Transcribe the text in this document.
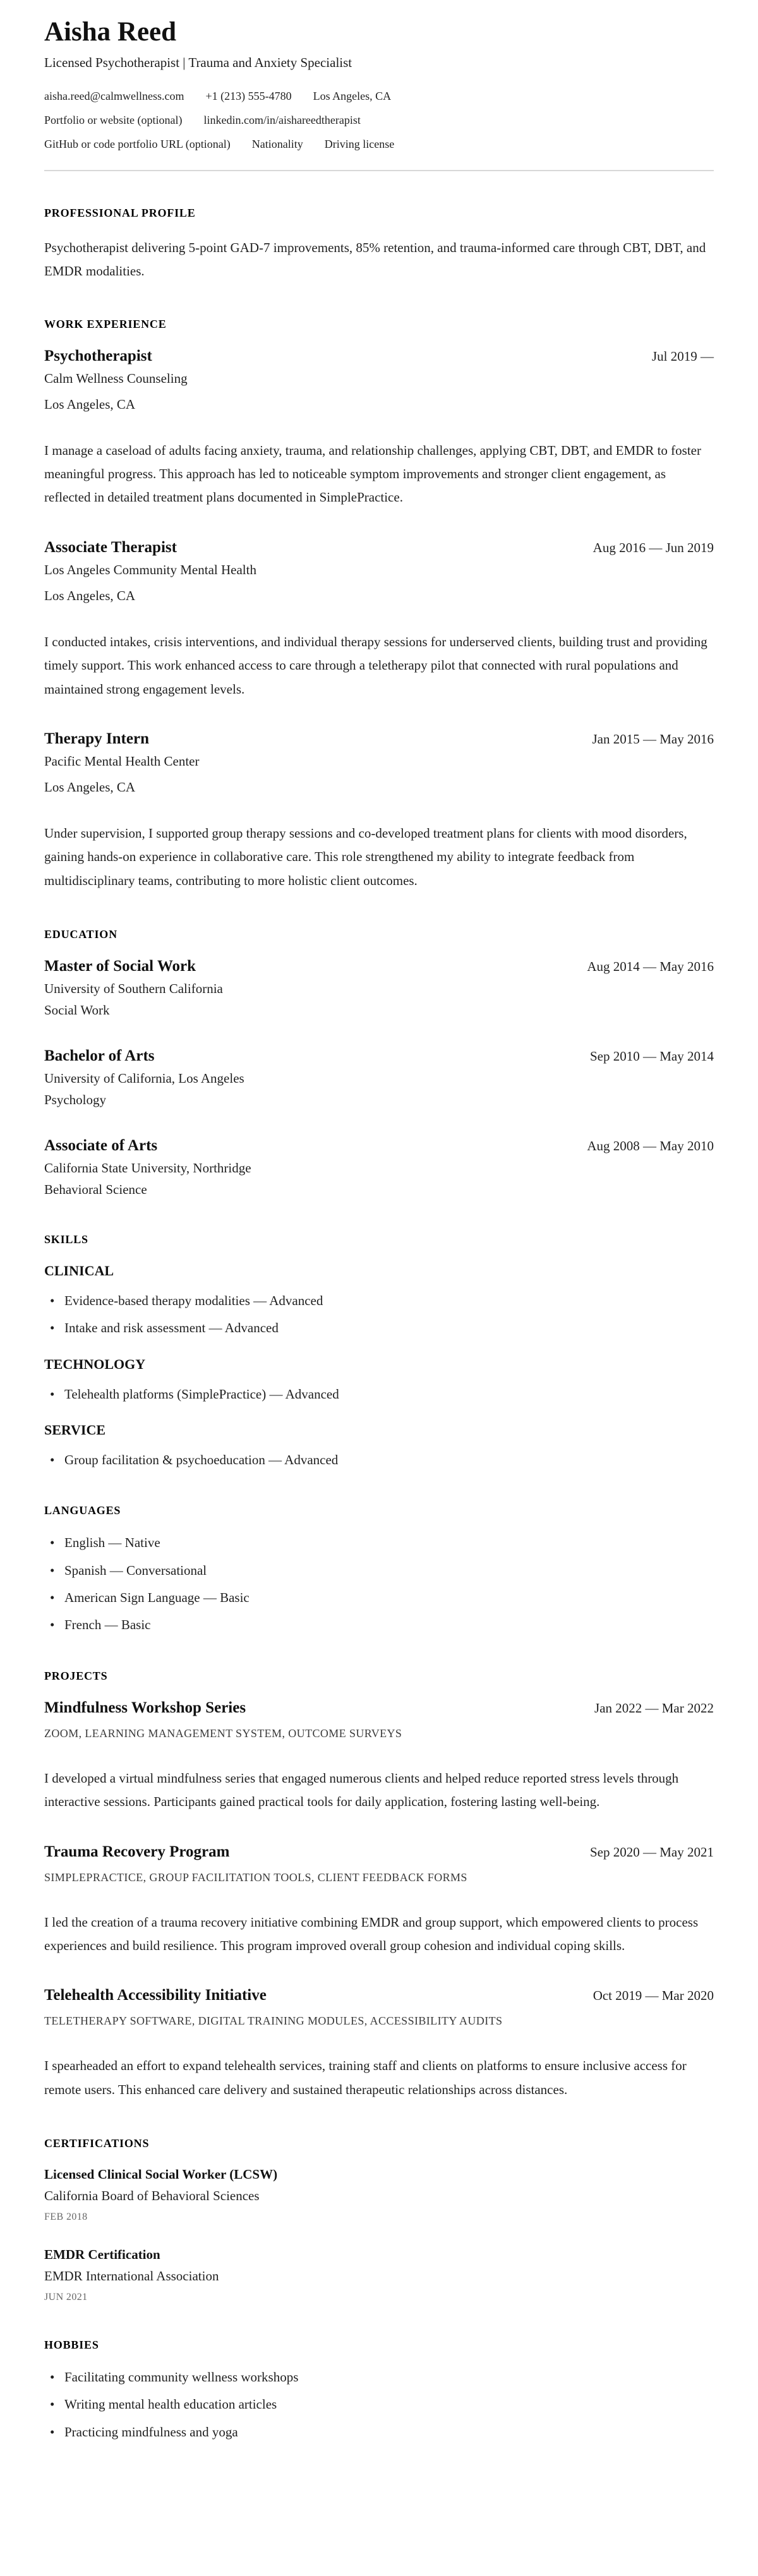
Aisha Reed

Licensed Psychotherapist | Trauma and Anxiety Specialist

aisha.reed@calmwellness.com +1 (213) 555-4780 Los Angeles, CA
Portfolio or website (optional) linkedin.com/in/aishareedtherapist
GitHub or code portfolio URL (optional) Nationality Driving license
PROFESSIONAL PROFILE

Psychotherapist delivering 5-point GAD-7 improvements, 85% retention, and trauma-informed care through CBT, DBT, and EMDR modalities.

WORK EXPERIENCE
Psychotherapist	Jul 2019 —
Calm Wellness Counseling
Los Angeles, CA

I manage a caseload of adults facing anxiety, trauma, and relationship challenges, applying CBT, DBT, and EMDR to foster meaningful progress. This approach has led to noticeable symptom improvements and stronger client engagement, as reflected in detailed treatment plans documented in SimplePractice.

Associate Therapist	Aug 2016 — Jun 2019
Los Angeles Community Mental Health
Los Angeles, CA

I conducted intakes, crisis interventions, and individual therapy sessions for underserved clients, building trust and providing timely support. This work enhanced access to care through a teletherapy pilot that connected with rural populations and maintained strong engagement levels.

Therapy Intern	Jan 2015 — May 2016
Pacific Mental Health Center
Los Angeles, CA

Under supervision, I supported group therapy sessions and co-developed treatment plans for clients with mood disorders, gaining hands-on experience in collaborative care. This role strengthened my ability to integrate feedback from multidisciplinary teams, contributing to more holistic client outcomes.

EDUCATION
Master of Social Work	Aug 2014 — May 2016
University of Southern California
Social Work
Bachelor of Arts	Sep 2010 — May 2014
University of California, Los Angeles
Psychology
Associate of Arts	Aug 2008 — May 2010
California State University, Northridge
Behavioral Science
SKILLS
CLINICAL
• Evidence-based therapy modalities — Advanced
• Intake and risk assessment — Advanced
TECHNOLOGY
• Telehealth platforms (SimplePractice) — Advanced
SERVICE
• Group facilitation & psychoeducation — Advanced
LANGUAGES
• English — Native
• Spanish — Conversational
• American Sign Language — Basic
• French — Basic
PROJECTS
Mindfulness Workshop Series	Jan 2022 — Mar 2022
ZOOM, LEARNING MANAGEMENT SYSTEM, OUTCOME SURVEYS

I developed a virtual mindfulness series that engaged numerous clients and helped reduce reported stress levels through interactive sessions. Participants gained practical tools for daily application, fostering lasting well-being.

Trauma Recovery Program	Sep 2020 — May 2021
SIMPLEPRACTICE, GROUP FACILITATION TOOLS, CLIENT FEEDBACK FORMS

I led the creation of a trauma recovery initiative combining EMDR and group support, which empowered clients to process experiences and build resilience. This program improved overall group cohesion and individual coping skills.

Telehealth Accessibility Initiative	Oct 2019 — Mar 2020
TELETHERAPY SOFTWARE, DIGITAL TRAINING MODULES, ACCESSIBILITY AUDITS

I spearheaded an effort to expand telehealth services, training staff and clients on platforms to ensure inclusive access for remote users. This enhanced care delivery and sustained therapeutic relationships across distances.

CERTIFICATIONS
Licensed Clinical Social Worker (LCSW)
California Board of Behavioral Sciences
FEB 2018
EMDR Certification
EMDR International Association
JUN 2021
HOBBIES
• Facilitating community wellness workshops
• Writing mental health education articles
• Practicing mindfulness and yoga
